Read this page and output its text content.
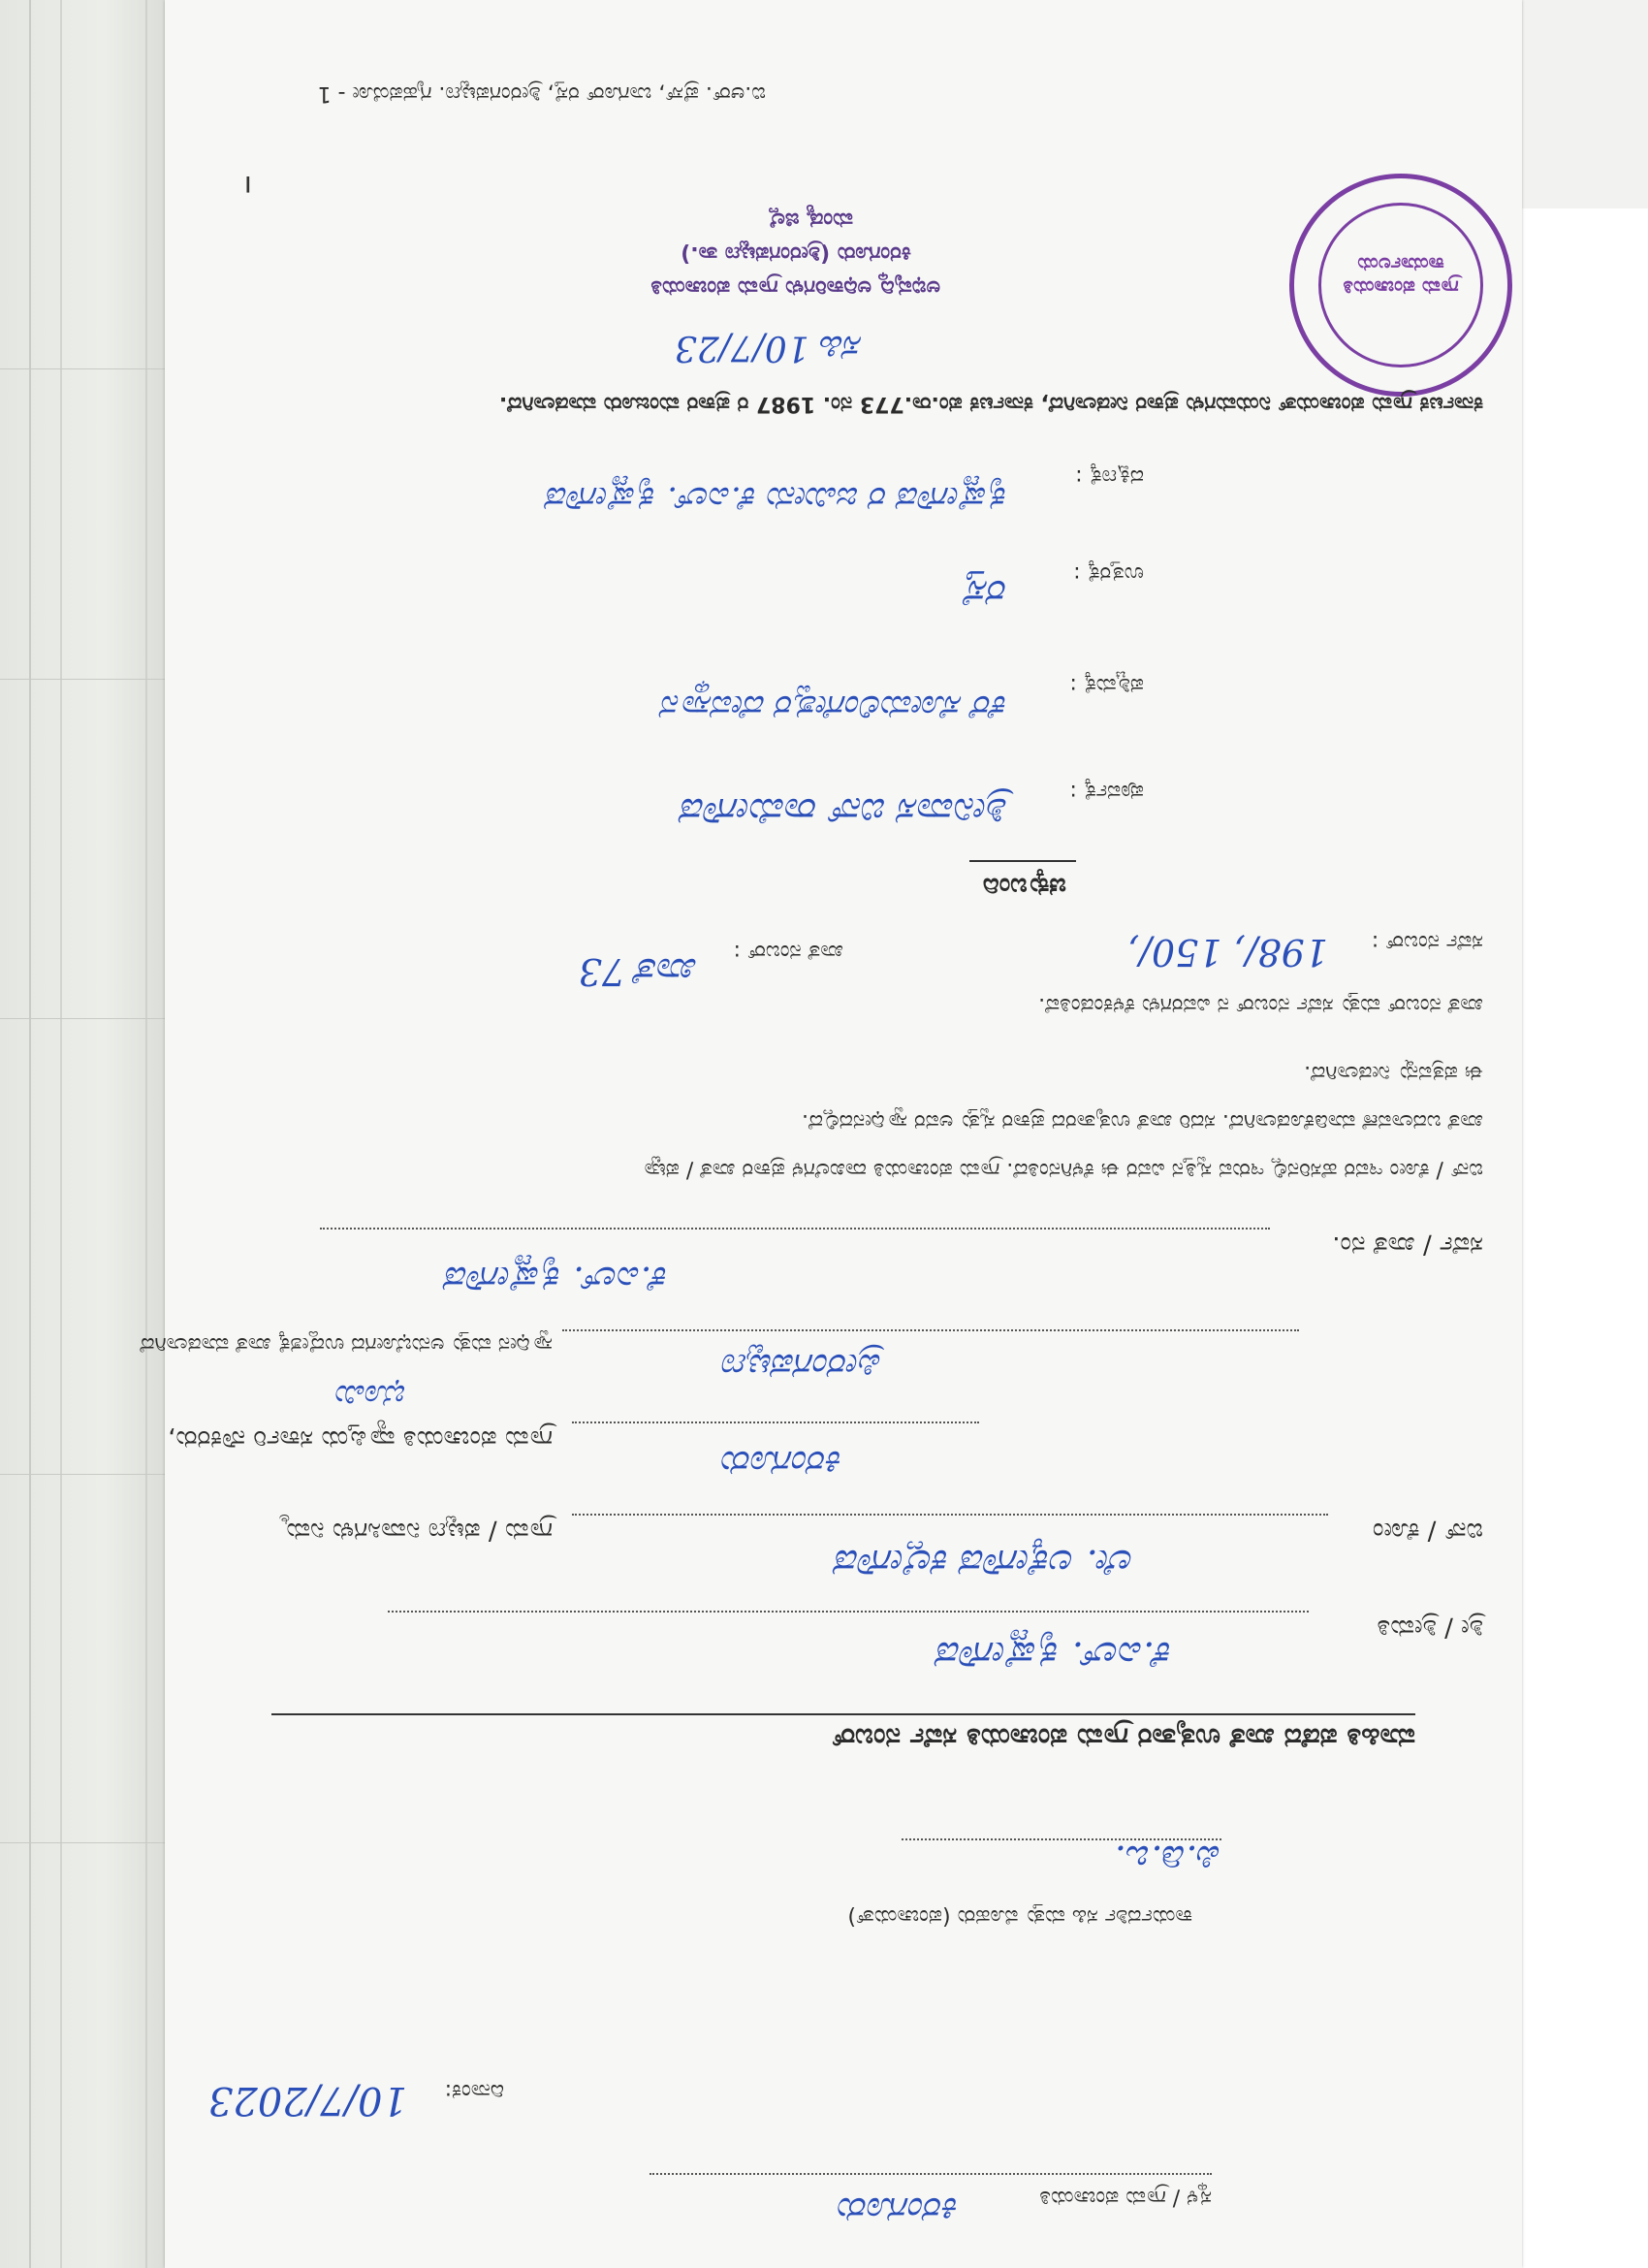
ಗ್ರಾಮ ಪಂಚಾಯತಿ ಕಾರ್ಯಾಲಯ
ಸ್ಥಳ / ಗ್ರಾಮ ಪಂಚಾಯತಿ
ಕಿರಂಗೂರು
ದಿನಾಂಕ:
10/7/2023
ಕಾರ್ಯದರ್ಶಿ ಸಹಿ ಮತ್ತು ಮೊಹರು (ಪಂಚಾಯತ್)
ಪಿ.ಡಿ.ಒ.
ಮಾಹಿತಿ ಪಡೆದ ಖಾತೆ ಉತೃತಾರ ಗ್ರಾಮ ಪಂಚಾಯತಿ ಸರ್ವೆ ನಂಬರ್
ಶ್ರೀ / ಶ್ರೀಮತಿ
ಕೆ.ಎಲ್. ಕೃಷ್ಣೇಗೌಡ
ಬಿನ್ / ಕೋಂ
ಲೇ. ಲಕ್ಕೇಗೌಡ ಕಲ್ಲೇಗೌಡ
ಗ್ರಾಮ / ಪಟ್ಟಣ ನಿವಾಸಿಗಳು ನಿಮ್ಮ
ಕಿರಂಗೂರು
ಗ್ರಾಮ ಪಂಚಾಯತಿ ವ್ಯಾಪ್ತಿಯ ಸರ್ಕಾರಿ ನೌಕರರು,
ಪ್ರೀರಂಗಪಟ್ಟಣ
ಸ್ವಾಧೀನ ಮತ್ತು ಅನುಭೋಗದ ಉದ್ದೇಶಕ್ಕೆ ಖಾತೆ ಮಾಡಲಾಗಿದೆ
ಸರ್ವೆ / ಖಾತೆ ನಂ.
ಕೆ.ಎಲ್. ಕೃಷ್ಣೇಗೌಡ
ಬಿನ್ / ಕೋಂ ಇವರ ಹೆಸರಿನಲ್ಲಿ ಇರುವ ಸ್ವತ್ತಿನ ವಿವರ ಈ ಕೆಳಗಿನಂತಿದೆ. ಗ್ರಾಮ ಪಂಚಾಯತಿ ದಾಖಲೆಗಳ ಪ್ರಕಾರ ಖಾತೆ / ಪಟ್ಟಾ
ಖಾತೆ ಬದಲಾವಣೆ ಮಾಡಿಕೊಡಲಾಗಿದೆ. ಸದರಿ ಖಾತೆ ಉತೃತಾರದ ಪ್ರಕಾರ ಸ್ವತ್ತು ಅವರ ಸ್ವಾಧೀನದಲ್ಲಿದೆ.
ಈ ಪತ್ರವನ್ನು ನೀಡಲಾಗಿದೆ.
ಖಾತೆ ನಂಬರ್ ಮತ್ತು ಸರ್ವೆ ನಂಬರ್ ನ ವಿವರಗಳು ಕೆಳಕಂಡಂತಿವೆ.
ಸರ್ವೆ ನಂಬರ್ :
198/, 150/,
ಖಾತೆ ನಂಬರ್ :
ಖಾತೆ 73
ಚಕ್ಕುಬಂದಿ
ಪೂರ್ವಕ್ಕೆ :
ಶ್ರೀನಿವಾಸ ಬಿನ್ ರಾಮೇಗೌಡ
ಪಶ್ಚಿಮಕ್ಕೆ :
ಕೆರೆ ಸೋಮಲಿಂಗೇಶ್ವರ ದೇವಸ್ಥಾನ
ಉತ್ತರಕ್ಕೆ :
ರಸ್ತೆ
ದಕ್ಷಿಣಕ್ಕೆ :
ಕೃಷ್ಣೇಗೌಡ ರ ಜಮೀನು ಕೆ.ಎಲ್. ಕೃಷ್ಣೇಗೌಡ
ಕರ್ನಾಟಕ ಗ್ರಾಮ ಪಂಚಾಯತ್ ನಿಯಮಗಳು ಪ್ರಕಾರ ನೀಡಲಾಗಿದೆ, ಕರ್ನಾಟಕ ಪಂ.ರಾ.773 ನಂ. 1987 ರ ಪ್ರಕಾರ ಮಂಜೂರು ಮಾಡಲಾಗಿದೆ.
ಸಹಿ 10/7/23
ಅಭಿವೃದ್ಧಿ ಅಧಿಕಾರಿಗಳು ಗ್ರಾಮ ಪಂಚಾಯತಿ
ಕಿರಂಗೂರು (ಶ್ರೀರಂಗಪಟ್ಟಣ ತಾ.)
ಮಂಡ್ಯ ಜಿಲ್ಲೆ
ı
ಬಿ.ಆರ್. ಪ್ರೆಸ್, ಬಾಗೂರ್ ರಸ್ತೆ, ಶ್ರೀರಂಗಪಟ್ಟಣ. ಗೃಹಪಯೋ - 1
ಭೂಮಿ
